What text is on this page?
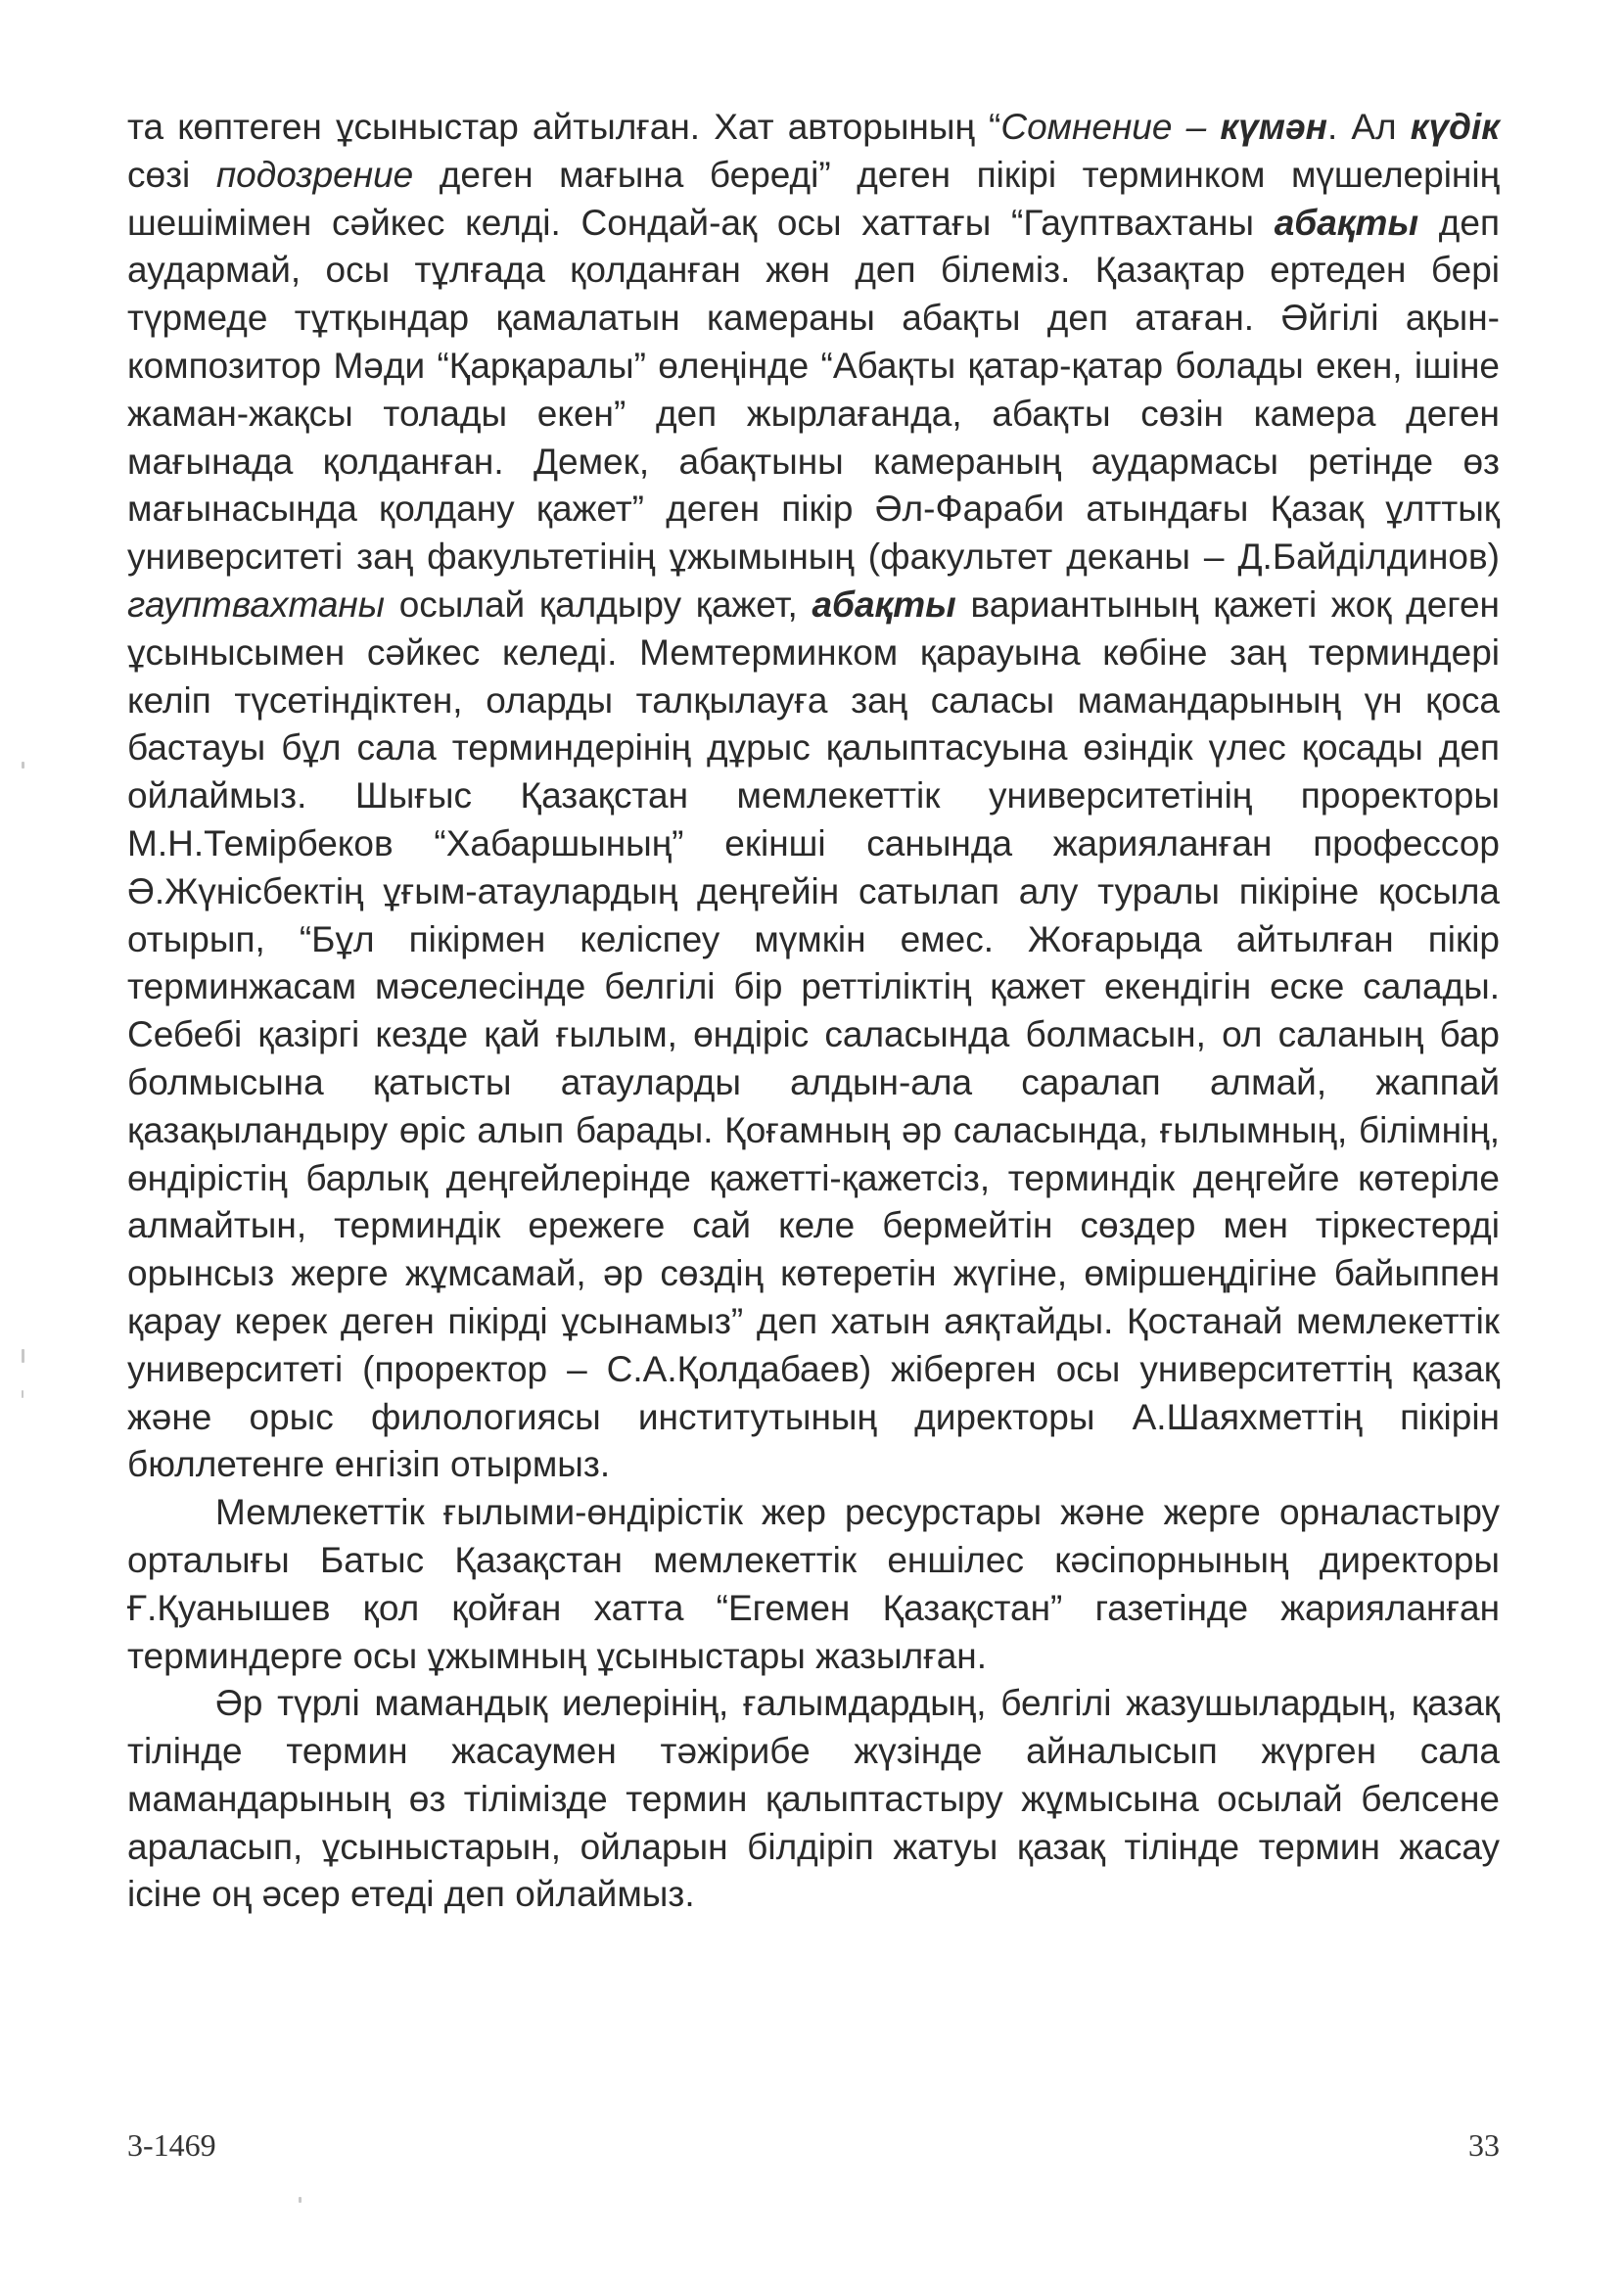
та көптеген ұсыныстар айтылған. Хат авторының “Сомнение – күмән. Ал күдік сөзі подозрение деген мағына береді” деген пікірі терминком мүшелерінің шешімімен сәйкес келді. Сондай-ақ осы хаттағы “Гауптвахтаны абақты деп аудармай, осы тұлғада қолданған жөн деп білеміз. Қазақтар ертеден бері түрмеде тұтқындар қамалатын камераны абақты деп атаған. Әйгілі ақын-композитор Мәди “Қарқаралы” өлеңінде “Абақты қатар-қатар болады екен, ішіне жаман-жақсы толады екен” деп жырлағанда, абақты сөзін камера деген мағынада қолданған. Демек, абақтыны камераның аудармасы ретінде өз мағынасында қолдану қажет” деген пікір Әл-Фараби атындағы Қазақ ұлттық университеті заң факультетінің ұжымының (факультет деканы – Д.Байділдинов) гауптвахтаны осылай қалдыру қажет, абақты вариантының қажеті жоқ деген ұсынысымен сәйкес келеді. Мемтерминком қарауына көбіне заң терминдері келіп түсетіндіктен, оларды талқылауға заң саласы мамандарының үн қоса бастауы бұл сала терминдерінің дұрыс қалыптасуына өзіндік үлес қосады деп ойлаймыз. Шығыс Қазақстан мемлекеттік университетінің проректоры М.Н.Темірбеков “Хабаршының” екінші санында жарияланған профессор Ә.Жүнісбектің ұғым-атаулардың деңгейін сатылап алу туралы пікіріне қосыла отырып, “Бұл пікірмен келіспеу мүмкін емес. Жоғарыда айтылған пікір терминжасам мәселесінде белгілі бір реттіліктің қажет екендігін еске салады. Себебі қазіргі кезде қай ғылым, өндіріс саласында болмасын, ол саланың бар болмысына қатысты атауларды алдын-ала саралап алмай, жаппай қазақыландыру өріс алып барады. Қоғамның әр саласында, ғылымның, білімнің, өндірістің барлық деңгейлерінде қажетті-қажетсіз, терминдік деңгейге көтеріле алмайтын, терминдік ережеге сай келе бермейтін сөздер мен тіркестерді орынсыз жерге жұмсамай, әр сөздің көтеретін жүгіне, өміршеңдігіне байыппен қарау керек деген пікірді ұсынамыз” деп хатын аяқтайды. Қостанай мемлекеттік университеті (проректор – С.А.Қолдабаев) жіберген осы университеттің қазақ және орыс филологиясы институтының директоры А.Шаяхметтің пікірін бюллетенге енгізіп отырмыз.

Мемлекеттік ғылыми-өндірістік жер ресурстары және жерге орналастыру орталығы Батыс Қазақстан мемлекеттік еншілес кәсіпорнының директоры Ғ.Қуанышев қол қойған хатта “Егемен Қазақстан” газетінде жарияланған терминдерге осы ұжымның ұсыныстары жазылған.

Әр түрлі мамандық иелерінің, ғалымдардың, белгілі жазушылардың, қазақ тілінде термин жасаумен тәжірибе жүзінде айналысып жүрген сала мамандарының өз тілімізде термин қалыптастыру жұмысына осылай белсене араласып, ұсыныстарын, ойларын білдіріп жатуы қазақ тілінде термин жасау ісіне оң әсер етеді деп ойлаймыз.

3-1469	33
